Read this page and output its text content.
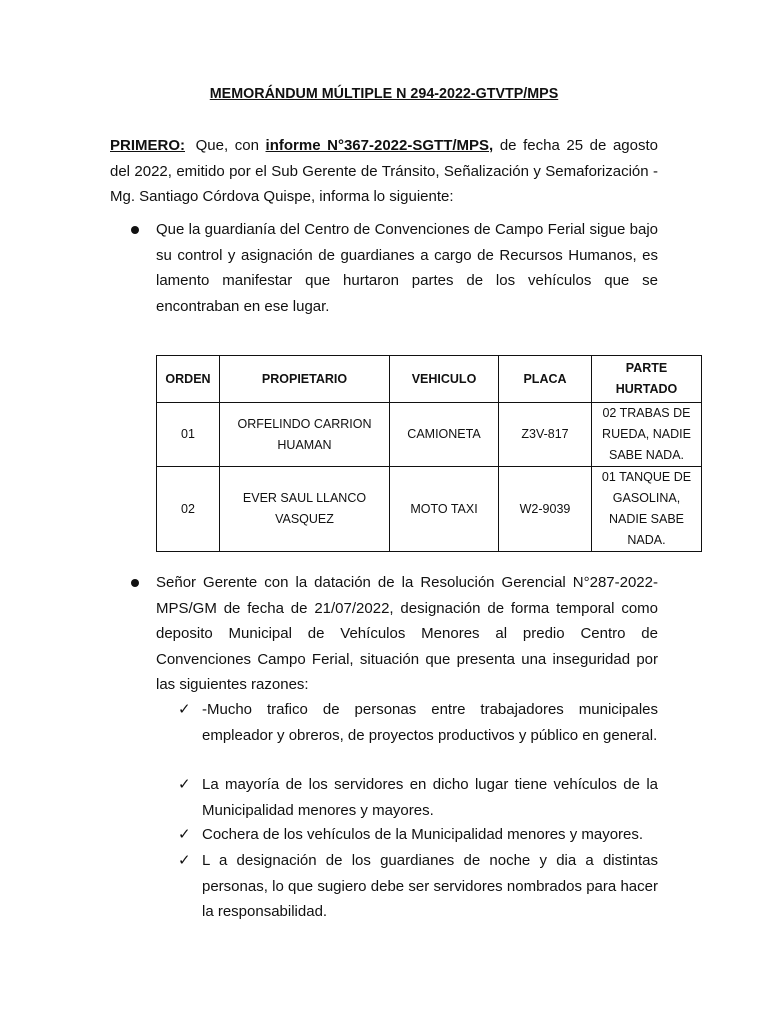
MEMORÁNDUM MÚLTIPLE N 294-2022-GTVTP/MPS
PRIMERO: Que, con informe N°367-2022-SGTT/MPS, de fecha 25 de agosto del 2022, emitido por el Sub Gerente de Tránsito, Señalización y Semaforización -Mg. Santiago Córdova Quispe, informa lo siguiente:
Que la guardianía del Centro de Convenciones de Campo Ferial sigue bajo su control y asignación de guardianes a cargo de Recursos Humanos, es lamento manifestar que hurtaron partes de los vehículos que se encontraban en ese lugar.
ORDEN	PROPIETARIO	VEHICULO	PLACA	PARTE HURTADO
01	ORFELINDO CARRION HUAMAN	CAMIONETA	Z3V-817	02 TRABAS DE RUEDA, NADIE SABE NADA.
02	EVER SAUL LLANCO VASQUEZ	MOTO TAXI	W2-9039	01 TANQUE DE GASOLINA, NADIE SABE NADA.
Señor Gerente con la datación de la Resolución Gerencial N°287-2022-MPS/GM de fecha de 21/07/2022, designación de forma temporal como deposito Municipal de Vehículos Menores al predio Centro de Convenciones Campo Ferial, situación que presenta una inseguridad por las siguientes razones:
✓ -Mucho trafico de personas entre trabajadores municipales empleador y obreros, de proyectos productivos y público en general.
✓ La mayoría de los servidores en dicho lugar tiene vehículos de la Municipalidad menores y mayores.
✓ Cochera de los vehículos de la Municipalidad menores y mayores.
✓ L a designación de los guardianes de noche y dia a distintas personas, lo que sugiero debe ser servidores nombrados para hacer la responsabilidad.
